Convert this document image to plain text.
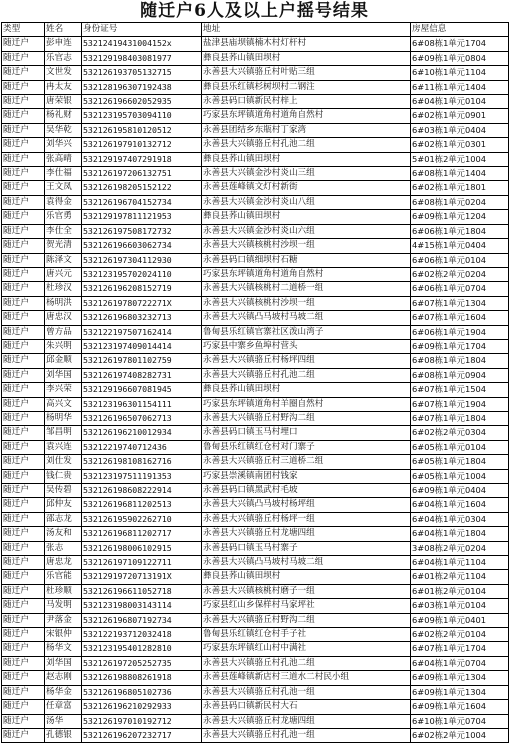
随迁户6人及以上户摇号结果
类型	姓名	身份证号	地址	房屋信息
随迁户	彭申连	53212419431004152x	盐津县庙坝镇楠木村灯杆村	6#08栋1单元1704
随迁户	乐官志	532129198403081977	彝良县荞山镇田坝村	6#09栋1单元0804
随迁户	文世发	532126193705132715	永善县大兴镇骆丘村叶贴三组	6#10栋1单元1104
随迁户	冉太友	532128196307192438	彝良县乐红镇杉树坝村二钢注	6#11栋1单元1404
随迁户	唐荣银	532126196602052935	永善县码口镇新民村梓上	6#04栋1单元0104
随迁户	杨礼财	532123195703094110	巧家县东坪镇道角村道角自然村	6#02栋1单元0901
随迁户	吴华乾	532126195810120512	永善县团结乡东瓶村丁家湾	6#03栋1单元0404
随迁户	刘华兴	532126197910132712	永善县大兴镇骆丘村孔池二组	6#02栋1单元0301
随迁户	张高晴	532129197407291918	彝良县荞山镇田坝村	5#01栋2单元1004
随迁户	李仕福	532126197206132751	永善县大兴镇金沙村炎山三组	6#08栋1单元1404
随迁户	王文凤	532126198205152122	永善县莲峰镇文灯村新街	6#02栋1单元1801
随迁户	袁得金	532126196704152734	永善县大兴镇金沙村炎山八组	6#08栋1单元0204
随迁户	乐官勇	532129197811121953	彝良县荞山镇田坝村	6#09栋1单元1204
随迁户	李仕全	532126197508172732	永善县大兴镇金沙村炎山六组	6#06栋1单元1804
随迁户	贺光清	532126196603062734	永善县大兴镇核桃村沙坝一组	4#15栋1单元0404
随迁户	陈泽文	532126197304112930	永善县码口镇细坝村石糖	6#06栋1单元0104
随迁户	唐兴元	532123195702024110	巧家县东坪镇道角村道角自然村	6#02栋2单元0204
随迁户	杜珍汉	532126196208152719	永善县大兴镇核桃村二道桥一组	6#06栋1单元0704
随迁户	杨明洪	53212619780722271X	永善县大兴镇核桃村沙坝一组	6#07栋1单元1304
随迁户	唐忠汉	532126196803232713	永善县大兴镇凸马坡村马坡二组	6#07栋1单元1604
随迁户	曾方品	532122197507162414	鲁甸县乐红镇官寨社区泼山湾子	6#06栋1单元1904
随迁户	朱兴明	532123197409014414	巧家县中寨乡鱼埠村营头	6#09栋1单元1704
随迁户	邱金顺	532126197801102759	永善县大兴镇骆丘村杨坪四组	6#08栋1单元1804
随迁户	刘华国	532126197408282731	永善县大兴镇骆丘村孔池二组	6#08栋1单元0904
随迁户	李兴荣	532129196607081945	彝良县荞山镇田坝村	6#07栋1单元1504
随迁户	高兴文	532123196301154111	巧家县东坪镇道角村羊圈自然村	6#07栋1单元1904
随迁户	杨明华	532126196507062713	永善县大兴镇骆丘村野沟二组	6#07栋1单元1804
随迁户	邹昌明	532126196210012934	永善县码口镇玉马村埋口	6#02栋2单元0304
随迁户	袁兴连	53212219740712436	鲁甸县乐红镇红仓村对门寨子	6#05栋1单元0104
随迁户	刘仕发	532126198108162716	永善县大兴镇骆丘村三道桥二组	6#05栋1单元1804
随迁户	钱仁贵	532123197511191353	巧家县崇溪镇南团村钱家	6#05栋1单元1004
随迁户	吴传碧	532126198608222914	永善县码口镇黑武村毛坡	6#09栋1单元0404
随迁户	邱仲友	532126196811202513	永善县大兴镇凸马坡村杨坪组	6#04栋1单元1604
随迁户	邵志龙	532126195902262710	永善县大兴镇骆丘村杨坪一组	6#04栋1单元0304
随迁户	汤友和	532126196811202717	永善县大兴镇骆丘村龙塘四组	6#04栋1单元1804
随迁户	张志	532126198006102915	永善县码口镇玉马村寨子	3#08栋2单元0204
随迁户	唐忠龙	532126197109122711	永善县大兴镇凸马坡村马坡二组	6#04栋1单元1104
随迁户	乐官能	53212919720713191X	彝良县荞山镇田坝村	6#01栋2单元1104
随迁户	杜珍顺	532126196611052718	永善县大兴镇核桃村磨子一组	6#01栋2单元0104
随迁户	马发明	532123198003143114	巧家县红山乡保样村马家坪社	6#03栋1单元0104
随迁户	尹落金	532126196807192734	永善县大兴镇骆丘村野沟二组	6#09栋1单元0401
随迁户	宋银仲	532122193712032418	鲁甸县乐红镇红仓村手子社	6#02栋2单元0104
随迁户	杨华文	532123195401282810	巧家县东坪镇红山村中满社	6#07栋1单元1704
随迁户	刘华国	532126197205252735	永善县大兴镇骆丘村孔池二组	6#04栋1单元0704
随迁户	赵志刚	532126198808261918	永善县莲峰镇新店村三道水二村民小组	6#09栋1单元1304
随迁户	杨华金	532126196805102736	永善县大兴镇骆丘村孔池一组	6#09栋1单元1304
随迁户	任章富	532126196210292933	永善县码口镇新民村大石	6#09栋1单元1604
随迁户	汤华	532126197010192712	永善县大兴镇骆丘村龙塘四组	6#10栋1单元0704
随迁户	孔德银	532126196207232717	永善县大兴镇骆丘村孔池一组	6#02栋2单元1004
